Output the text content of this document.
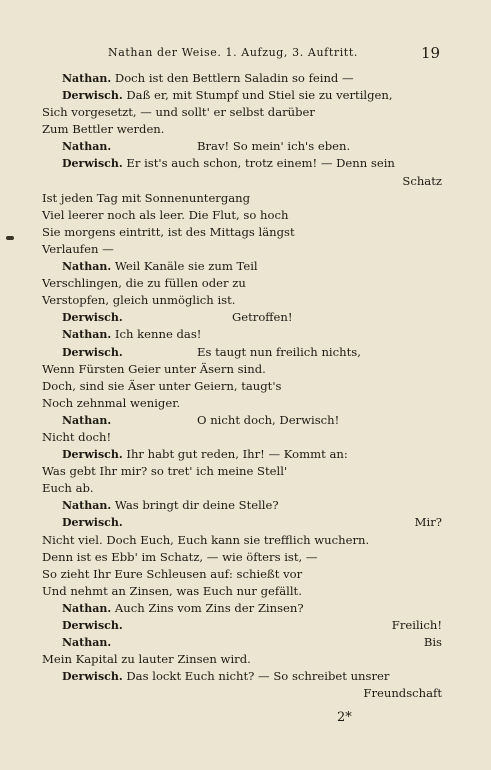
Nathan der Weise. 1. Aufzug, 3. Auftritt.	19
Nathan. Doch ist den Bettlern Saladin so feind —
Derwisch. Daß er, mit Stumpf und Stiel sie zu vertilgen,
Sich vorgesetzt, — und sollt' er selbst darüber
Zum Bettler werden.
Nathan.	Brav! So mein' ich's eben.
Derwisch. Er ist's auch schon, trotz einem! — Denn sein
Schatz
Ist jeden Tag mit Sonnenuntergang
Viel leerer noch als leer. Die Flut, so hoch
Sie morgens eintritt, ist des Mittags längst
Verlaufen —
Nathan. Weil Kanäle sie zum Teil
Verschlingen, die zu füllen oder zu
Verstopfen, gleich unmöglich ist.
Derwisch.	Getroffen!
Nathan. Ich kenne das!
Derwisch.	Es taugt nun freilich nichts,
Wenn Fürsten Geier unter Äsern sind.
Doch, sind sie Äser unter Geiern, taugt's
Noch zehnmal weniger.
Nathan.	O nicht doch, Derwisch!
Nicht doch!
Derwisch. Ihr habt gut reden, Ihr! — Kommt an:
Was gebt Ihr mir? so tret' ich meine Stell'
Euch ab.
Nathan. Was bringt dir deine Stelle?
Derwisch.	Mir?
Nicht viel. Doch Euch, Euch kann sie trefflich wuchern.
Denn ist es Ebb' im Schatz, — wie öfters ist, —
So zieht Ihr Eure Schleusen auf: schießt vor
Und nehmt an Zinsen, was Euch nur gefällt.
Nathan. Auch Zins vom Zins der Zinsen?
Derwisch.	Freilich!
Nathan.	Bis
Mein Kapital zu lauter Zinsen wird.
Derwisch. Das lockt Euch nicht? — So schreibet unsrer
Freundschaft
2*
